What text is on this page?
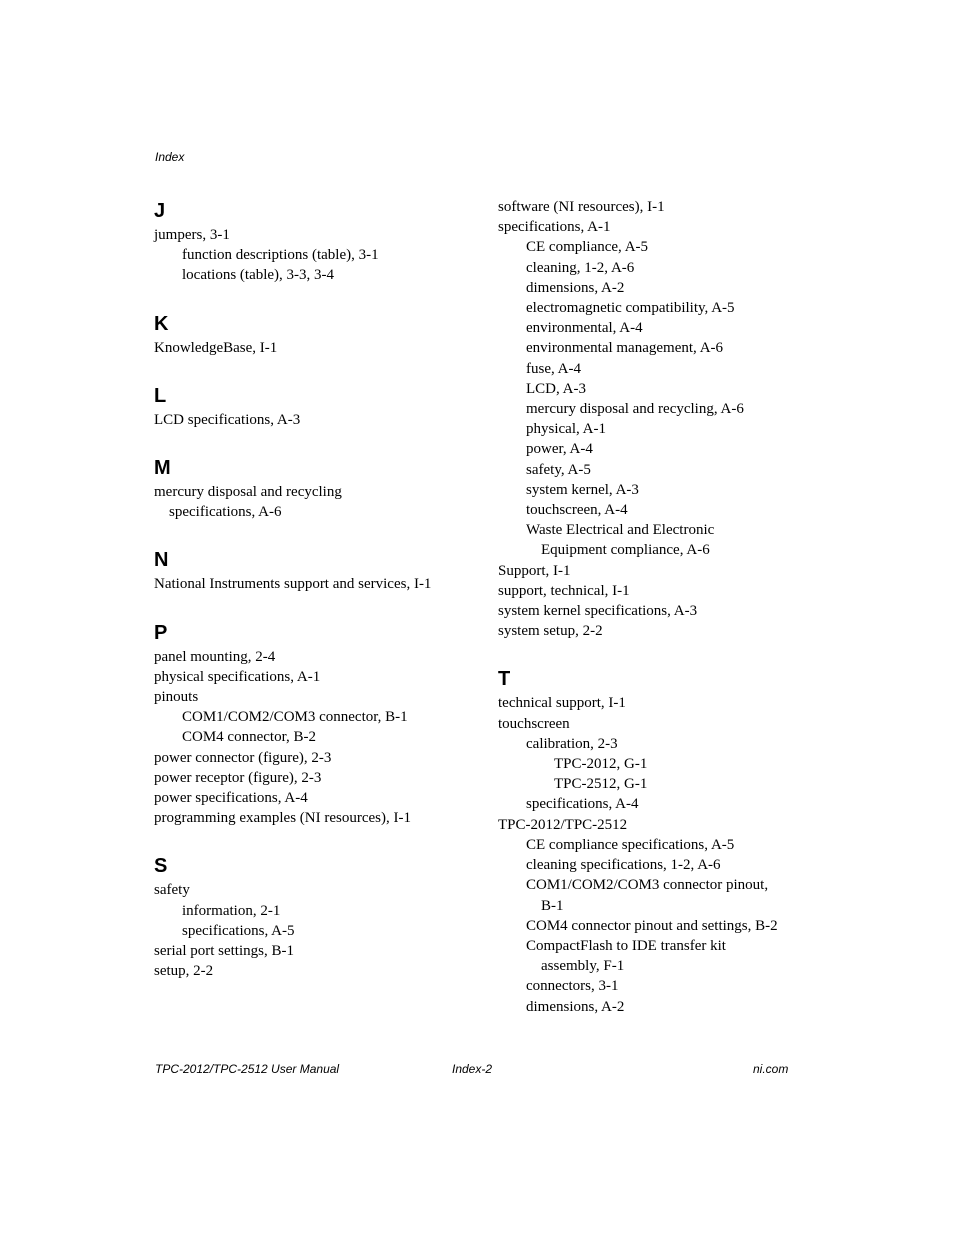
Index
J
jumpers, 3-1
function descriptions (table), 3-1
locations (table), 3-3, 3-4
K
KnowledgeBase, I-1
L
LCD specifications, A-3
M
mercury disposal and recycling
specifications, A-6
N
National Instruments support and services, I-1
P
panel mounting, 2-4
physical specifications, A-1
pinouts
COM1/COM2/COM3 connector, B-1
COM4 connector, B-2
power connector (figure), 2-3
power receptor (figure), 2-3
power specifications, A-4
programming examples (NI resources), I-1
S
safety
information, 2-1
specifications, A-5
serial port settings, B-1
setup, 2-2
software (NI resources), I-1
specifications, A-1
CE compliance, A-5
cleaning, 1-2, A-6
dimensions, A-2
electromagnetic compatibility, A-5
environmental, A-4
environmental management, A-6
fuse, A-4
LCD, A-3
mercury disposal and recycling, A-6
physical, A-1
power, A-4
safety, A-5
system kernel, A-3
touchscreen, A-4
Waste Electrical and Electronic
Equipment compliance, A-6
Support, I-1
support, technical, I-1
system kernel specifications, A-3
system setup, 2-2
T
technical support, I-1
touchscreen
calibration, 2-3
TPC-2012, G-1
TPC-2512, G-1
specifications, A-4
TPC-2012/TPC-2512
CE compliance specifications, A-5
cleaning specifications, 1-2, A-6
COM1/COM2/COM3 connector pinout,
B-1
COM4 connector pinout and settings, B-2
CompactFlash to IDE transfer kit
assembly, F-1
connectors, 3-1
dimensions, A-2
TPC-2012/TPC-2512 User Manual	Index-2	ni.com
